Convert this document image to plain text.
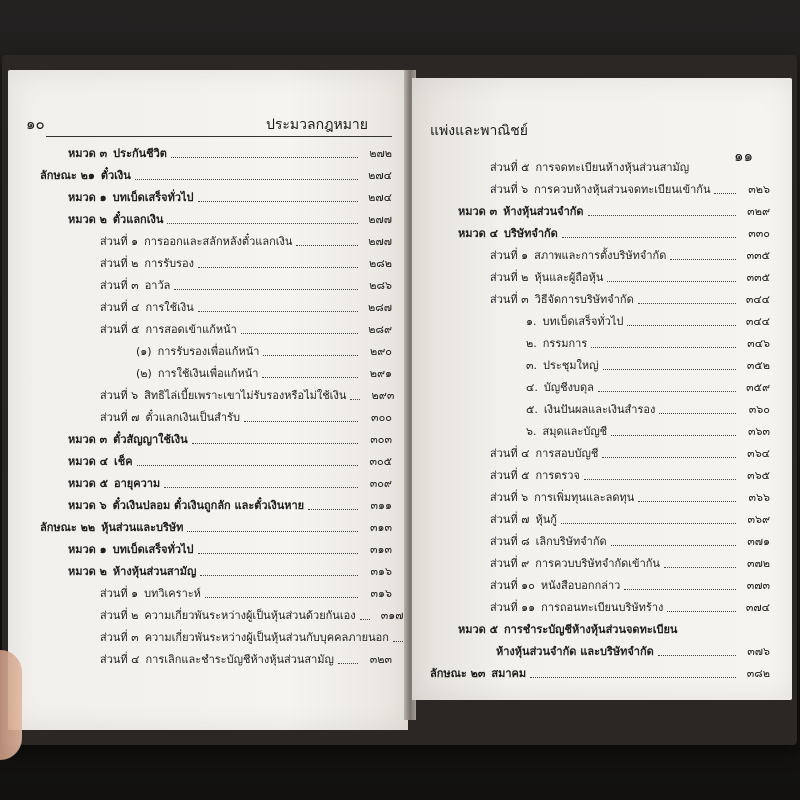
๑๐	ประมวลกฎหมาย
หมวด ๓ ประกันชีวิต	๒๗๒
ลักษณะ ๒๑ ตั๋วเงิน	๒๗๔
หมวด ๑ บทเบ็ดเสร็จทั่วไป	๒๗๔
หมวด ๒ ตั๋วแลกเงิน	๒๗๗
ส่วนที่ ๑ การออกและสลักหลังตั๋วแลกเงิน	๒๗๗
ส่วนที่ ๒ การรับรอง	๒๘๒
ส่วนที่ ๓ อาวัล	๒๘๖
ส่วนที่ ๔ การใช้เงิน	๒๘๗
ส่วนที่ ๕ การสอดเข้าแก้หน้า	๒๘๙
(๑) การรับรองเพื่อแก้หน้า	๒๙๐
(๒) การใช้เงินเพื่อแก้หน้า	๒๙๑
ส่วนที่ ๖ สิทธิไล่เบี้ยเพราะเขาไม่รับรองหรือไม่ใช้เงิน	๒๙๓
ส่วนที่ ๗ ตั๋วแลกเงินเป็นสำรับ	๓๐๐
หมวด ๓ ตั๋วสัญญาใช้เงิน	๓๐๓
หมวด ๔ เช็ค	๓๐๕
หมวด ๕ อายุความ	๓๐๙
หมวด ๖ ตั๋วเงินปลอม ตั๋วเงินถูกลัก และตั๋วเงินหาย	๓๑๑
ลักษณะ ๒๒ หุ้นส่วนและบริษัท	๓๑๓
หมวด ๑ บทเบ็ดเสร็จทั่วไป	๓๑๓
หมวด ๒ ห้างหุ้นส่วนสามัญ	๓๑๖
ส่วนที่ ๑ บทวิเคราะห์	๓๑๖
ส่วนที่ ๒ ความเกี่ยวพันระหว่างผู้เป็นหุ้นส่วนด้วยกันเอง	๓๑๗
ส่วนที่ ๓ ความเกี่ยวพันระหว่างผู้เป็นหุ้นส่วนกับบุคคลภายนอก
ส่วนที่ ๔ การเลิกและชำระบัญชีห้างหุ้นส่วนสามัญ	๓๒๓
แพ่งและพาณิชย์
๑๑
ส่วนที่ ๕ การจดทะเบียนห้างหุ้นส่วนสามัญ
ส่วนที่ ๖ การควบห้างหุ้นส่วนจดทะเบียนเข้ากัน	๓๒๖
หมวด ๓ ห้างหุ้นส่วนจำกัด	๓๒๙
หมวด ๔ บริษัทจำกัด	๓๓๐
ส่วนที่ ๑ สภาพและการตั้งบริษัทจำกัด	๓๓๕
ส่วนที่ ๒ หุ้นและผู้ถือหุ้น	๓๓๕
ส่วนที่ ๓ วิธีจัดการบริษัทจำกัด	๓๔๔
๑. บทเบ็ดเสร็จทั่วไป	๓๔๔
๒. กรรมการ	๓๔๖
๓. ประชุมใหญ่	๓๕๒
๔. บัญชีงบดุล	๓๕๙
๕. เงินปันผลและเงินสำรอง	๓๖๐
๖. สมุดและบัญชี	๓๖๓
ส่วนที่ ๔ การสอบบัญชี	๓๖๔
ส่วนที่ ๕ การตรวจ	๓๖๕
ส่วนที่ ๖ การเพิ่มทุนและลดทุน	๓๖๖
ส่วนที่ ๗ หุ้นกู้	๓๖๙
ส่วนที่ ๘ เลิกบริษัทจำกัด	๓๗๑
ส่วนที่ ๙ การควบบริษัทจำกัดเข้ากัน	๓๗๒
ส่วนที่ ๑๐ หนังสือบอกกล่าว	๓๗๓
ส่วนที่ ๑๑ การถอนทะเบียนบริษัทร้าง	๓๗๔
หมวด ๕ การชำระบัญชีห้างหุ้นส่วนจดทะเบียน
ห้างหุ้นส่วนจำกัด และบริษัทจำกัด	๓๗๖
ลักษณะ ๒๓ สมาคม	๓๘๒
